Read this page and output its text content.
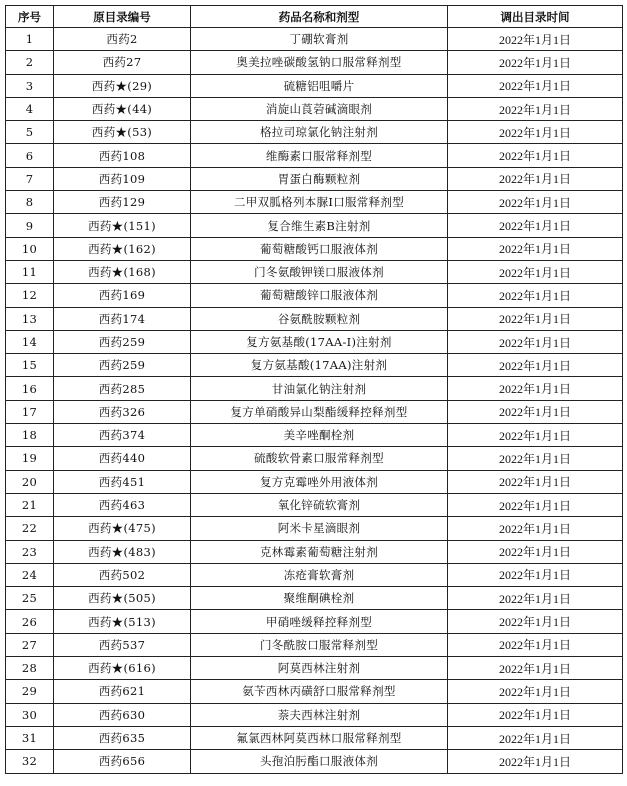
序号	原目录编号	药品名称和剂型	调出目录时间
1	西药2	丁硼软膏剂	2022年1月1日
2	西药27	奥美拉唑碳酸氢钠口服常释剂型	2022年1月1日
3	西药★(29)	硫糖铝咀嚼片	2022年1月1日
4	西药★(44)	消旋山莨菪碱滴眼剂	2022年1月1日
5	西药★(53)	格拉司琼氯化钠注射剂	2022年1月1日
6	西药108	维酶素口服常释剂型	2022年1月1日
7	西药109	胃蛋白酶颗粒剂	2022年1月1日
8	西药129	二甲双胍格列本脲Ⅰ口服常释剂型	2022年1月1日
9	西药★(151)	复合维生素B注射剂	2022年1月1日
10	西药★(162)	葡萄糖酸钙口服液体剂	2022年1月1日
11	西药★(168)	门冬氨酸钾镁口服液体剂	2022年1月1日
12	西药169	葡萄糖酸锌口服液体剂	2022年1月1日
13	西药174	谷氨酰胺颗粒剂	2022年1月1日
14	西药259	复方氨基酸(17AA-Ⅰ)注射剂	2022年1月1日
15	西药259	复方氨基酸(17AA)注射剂	2022年1月1日
16	西药285	甘油氯化钠注射剂	2022年1月1日
17	西药326	复方单硝酸异山梨酯缓释控释剂型	2022年1月1日
18	西药374	美辛唑酮栓剂	2022年1月1日
19	西药440	硫酸软骨素口服常释剂型	2022年1月1日
20	西药451	复方克霉唑外用液体剂	2022年1月1日
21	西药463	氧化锌硫软膏剂	2022年1月1日
22	西药★(475)	阿米卡星滴眼剂	2022年1月1日
23	西药★(483)	克林霉素葡萄糖注射剂	2022年1月1日
24	西药502	冻疮膏软膏剂	2022年1月1日
25	西药★(505)	聚维酮碘栓剂	2022年1月1日
26	西药★(513)	甲硝唑缓释控释剂型	2022年1月1日
27	西药537	门冬酰胺口服常释剂型	2022年1月1日
28	西药★(616)	阿莫西林注射剂	2022年1月1日
29	西药621	氨苄西林丙磺舒口服常释剂型	2022年1月1日
30	西药630	萘夫西林注射剂	2022年1月1日
31	西药635	氟氯西林阿莫西林口服常释剂型	2022年1月1日
32	西药656	头孢泊肟酯口服液体剂	2022年1月1日
